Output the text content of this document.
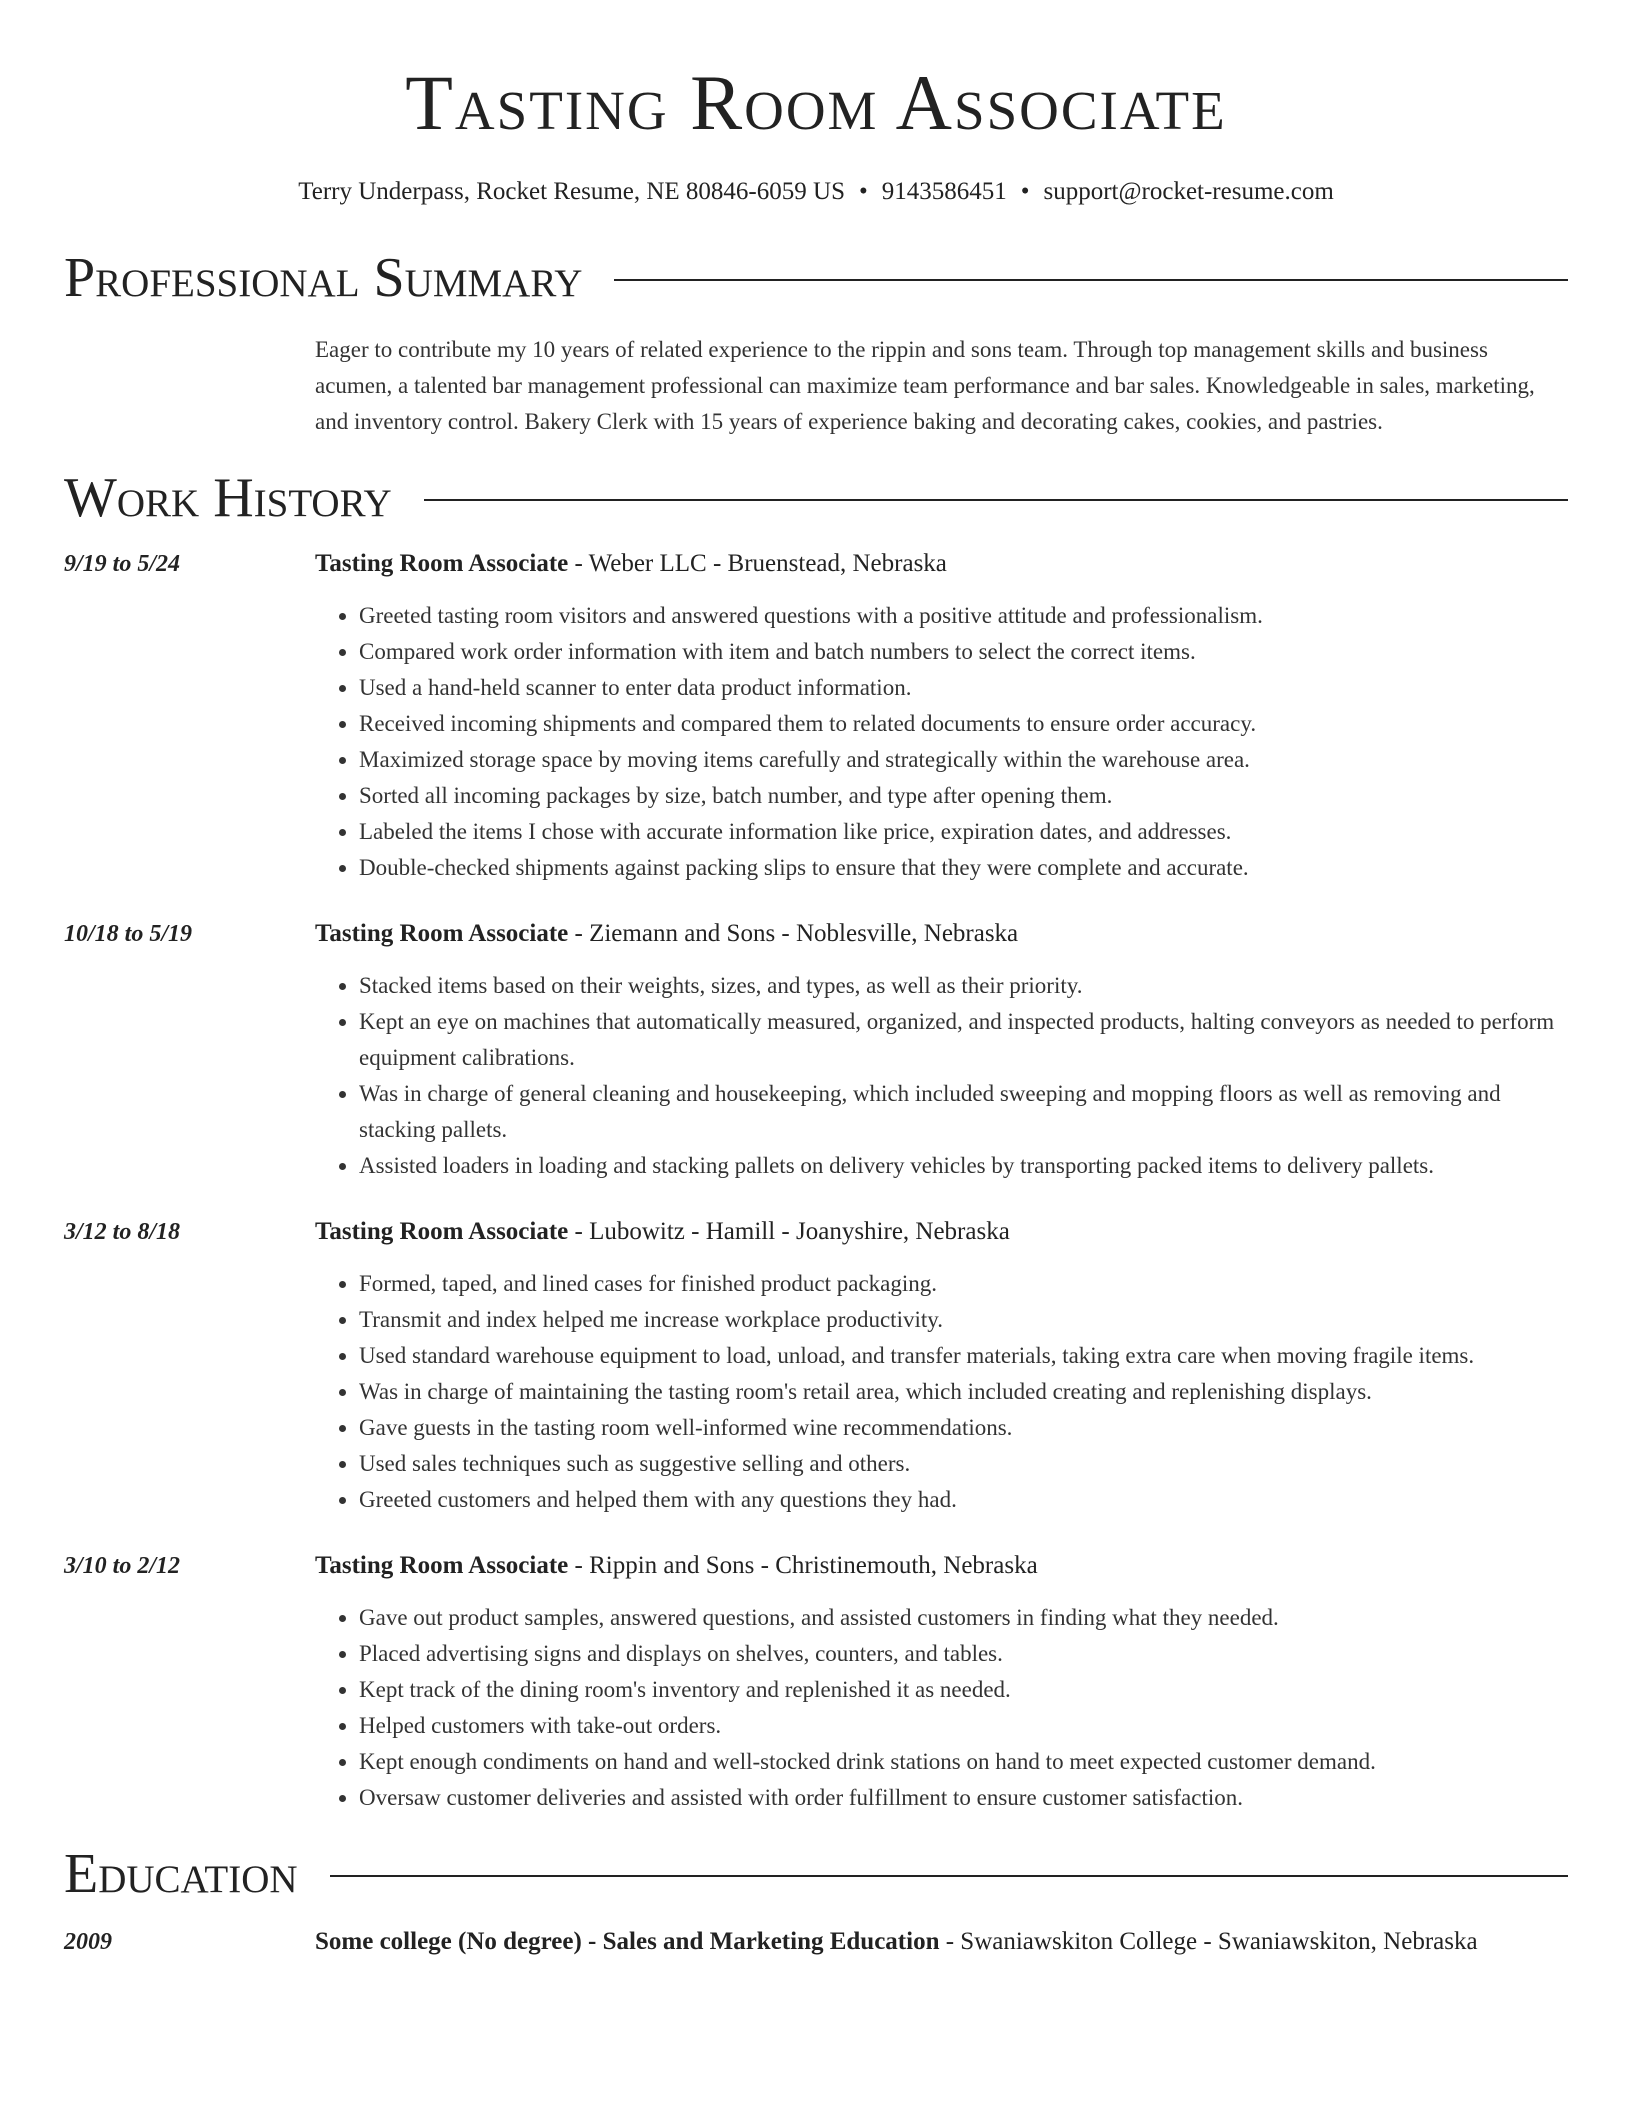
Tasting Room Associate
Terry Underpass, Rocket Resume, NE 80846-6059 US • 9143586451 • support@rocket-resume.com
Professional Summary
Eager to contribute my 10 years of related experience to the rippin and sons team. Through top management skills and business acumen, a talented bar management professional can maximize team performance and bar sales. Knowledgeable in sales, marketing, and inventory control. Bakery Clerk with 15 years of experience baking and decorating cakes, cookies, and pastries.
Work History
9/19 to 5/24	Tasting Room Associate - Weber LLC - Bruenstead, Nebraska
• Greeted tasting room visitors and answered questions with a positive attitude and professionalism.
• Compared work order information with item and batch numbers to select the correct items.
• Used a hand-held scanner to enter data product information.
• Received incoming shipments and compared them to related documents to ensure order accuracy.
• Maximized storage space by moving items carefully and strategically within the warehouse area.
• Sorted all incoming packages by size, batch number, and type after opening them.
• Labeled the items I chose with accurate information like price, expiration dates, and addresses.
• Double-checked shipments against packing slips to ensure that they were complete and accurate.
10/18 to 5/19	Tasting Room Associate - Ziemann and Sons - Noblesville, Nebraska
• Stacked items based on their weights, sizes, and types, as well as their priority.
• Kept an eye on machines that automatically measured, organized, and inspected products, halting conveyors as needed to perform equipment calibrations.
• Was in charge of general cleaning and housekeeping, which included sweeping and mopping floors as well as removing and stacking pallets.
• Assisted loaders in loading and stacking pallets on delivery vehicles by transporting packed items to delivery pallets.
3/12 to 8/18	Tasting Room Associate - Lubowitz - Hamill - Joanyshire, Nebraska
• Formed, taped, and lined cases for finished product packaging.
• Transmit and index helped me increase workplace productivity.
• Used standard warehouse equipment to load, unload, and transfer materials, taking extra care when moving fragile items.
• Was in charge of maintaining the tasting room's retail area, which included creating and replenishing displays.
• Gave guests in the tasting room well-informed wine recommendations.
• Used sales techniques such as suggestive selling and others.
• Greeted customers and helped them with any questions they had.
3/10 to 2/12	Tasting Room Associate - Rippin and Sons - Christinemouth, Nebraska
• Gave out product samples, answered questions, and assisted customers in finding what they needed.
• Placed advertising signs and displays on shelves, counters, and tables.
• Kept track of the dining room's inventory and replenished it as needed.
• Helped customers with take-out orders.
• Kept enough condiments on hand and well-stocked drink stations on hand to meet expected customer demand.
• Oversaw customer deliveries and assisted with order fulfillment to ensure customer satisfaction.
Education
2009	Some college (No degree) - Sales and Marketing Education - Swaniawskiton College - Swaniawskiton, Nebraska
